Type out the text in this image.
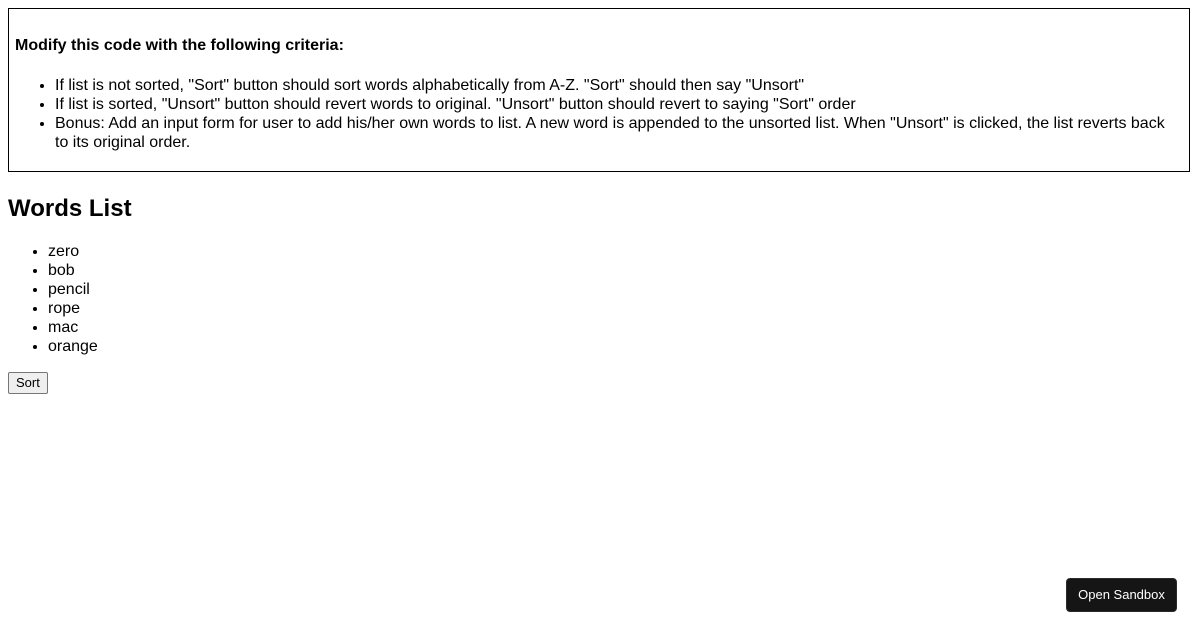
Modify this code with the following criteria:

• If list is not sorted, "Sort" button should sort words alphabetically from A-Z. "Sort" should then say "Unsort"
• If list is sorted, "Unsort" button should revert words to original. "Unsort" button should revert to saying "Sort" order
• Bonus: Add an input form for user to add his/her own words to list. A new word is appended to the unsorted list. When "Unsort" is clicked, the list reverts back to its original order.
Words List
• zero
• bob
• pencil
• rope
• mac
• orange
Sort
Open Sandbox
